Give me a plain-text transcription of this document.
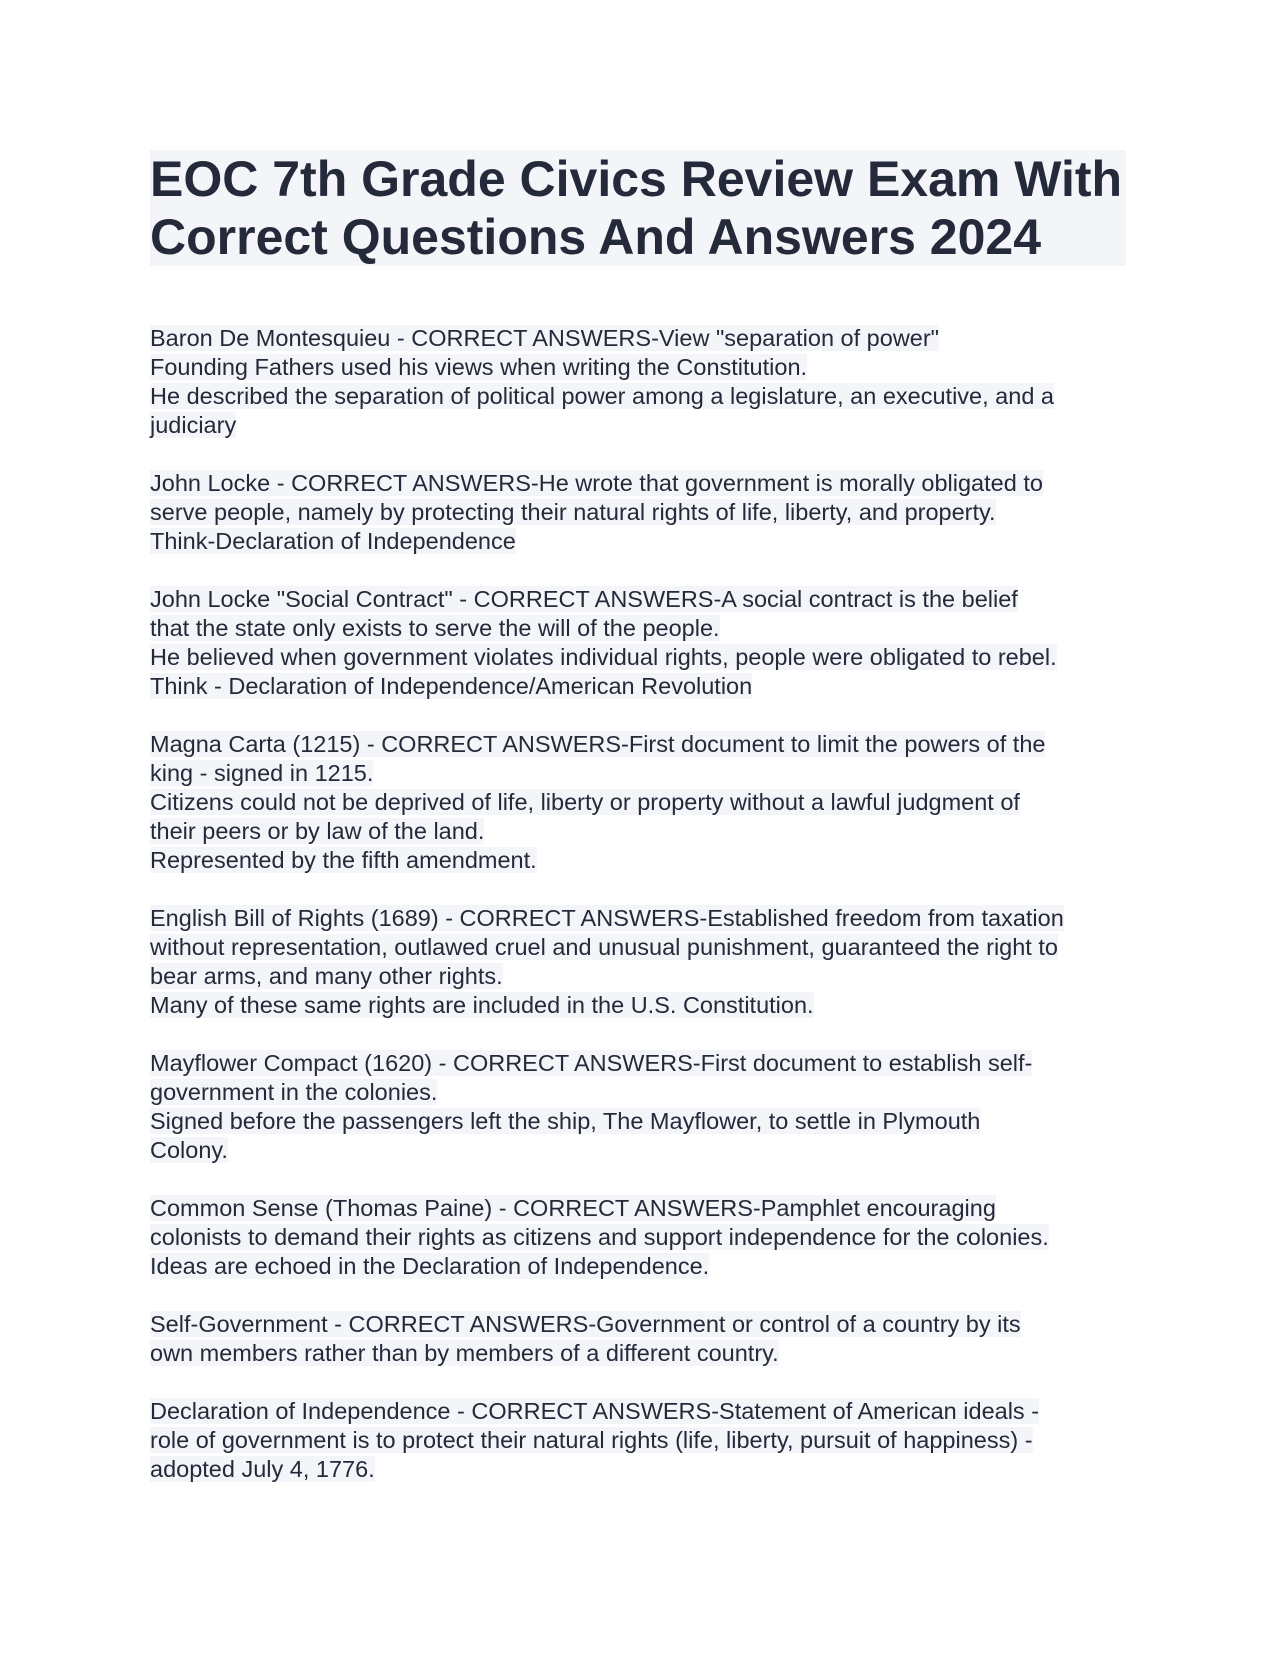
EOC 7th Grade Civics Review Exam With
Correct Questions And Answers 2024
Baron De Montesquieu - CORRECT ANSWERS-View "separation of power"
Founding Fathers used his views when writing the Constitution.
He described the separation of political power among a legislature, an executive, and a
judiciary
John Locke - CORRECT ANSWERS-He wrote that government is morally obligated to
serve people, namely by protecting their natural rights of life, liberty, and property.
Think-Declaration of Independence
John Locke "Social Contract" - CORRECT ANSWERS-A social contract is the belief
that the state only exists to serve the will of the people.
He believed when government violates individual rights, people were obligated to rebel.
Think - Declaration of Independence/American Revolution
Magna Carta (1215) - CORRECT ANSWERS-First document to limit the powers of the
king - signed in 1215.
Citizens could not be deprived of life, liberty or property without a lawful judgment of
their peers or by law of the land.
Represented by the fifth amendment.
English Bill of Rights (1689) - CORRECT ANSWERS-Established freedom from taxation
without representation, outlawed cruel and unusual punishment, guaranteed the right to
bear arms, and many other rights.
Many of these same rights are included in the U.S. Constitution.
Mayflower Compact (1620) - CORRECT ANSWERS-First document to establish self-
government in the colonies.
Signed before the passengers left the ship, The Mayflower, to settle in Plymouth
Colony.
Common Sense (Thomas Paine) - CORRECT ANSWERS-Pamphlet encouraging
colonists to demand their rights as citizens and support independence for the colonies.
Ideas are echoed in the Declaration of Independence.
Self-Government - CORRECT ANSWERS-Government or control of a country by its
own members rather than by members of a different country.
Declaration of Independence - CORRECT ANSWERS-Statement of American ideals -
role of government is to protect their natural rights (life, liberty, pursuit of happiness) -
adopted July 4, 1776.
